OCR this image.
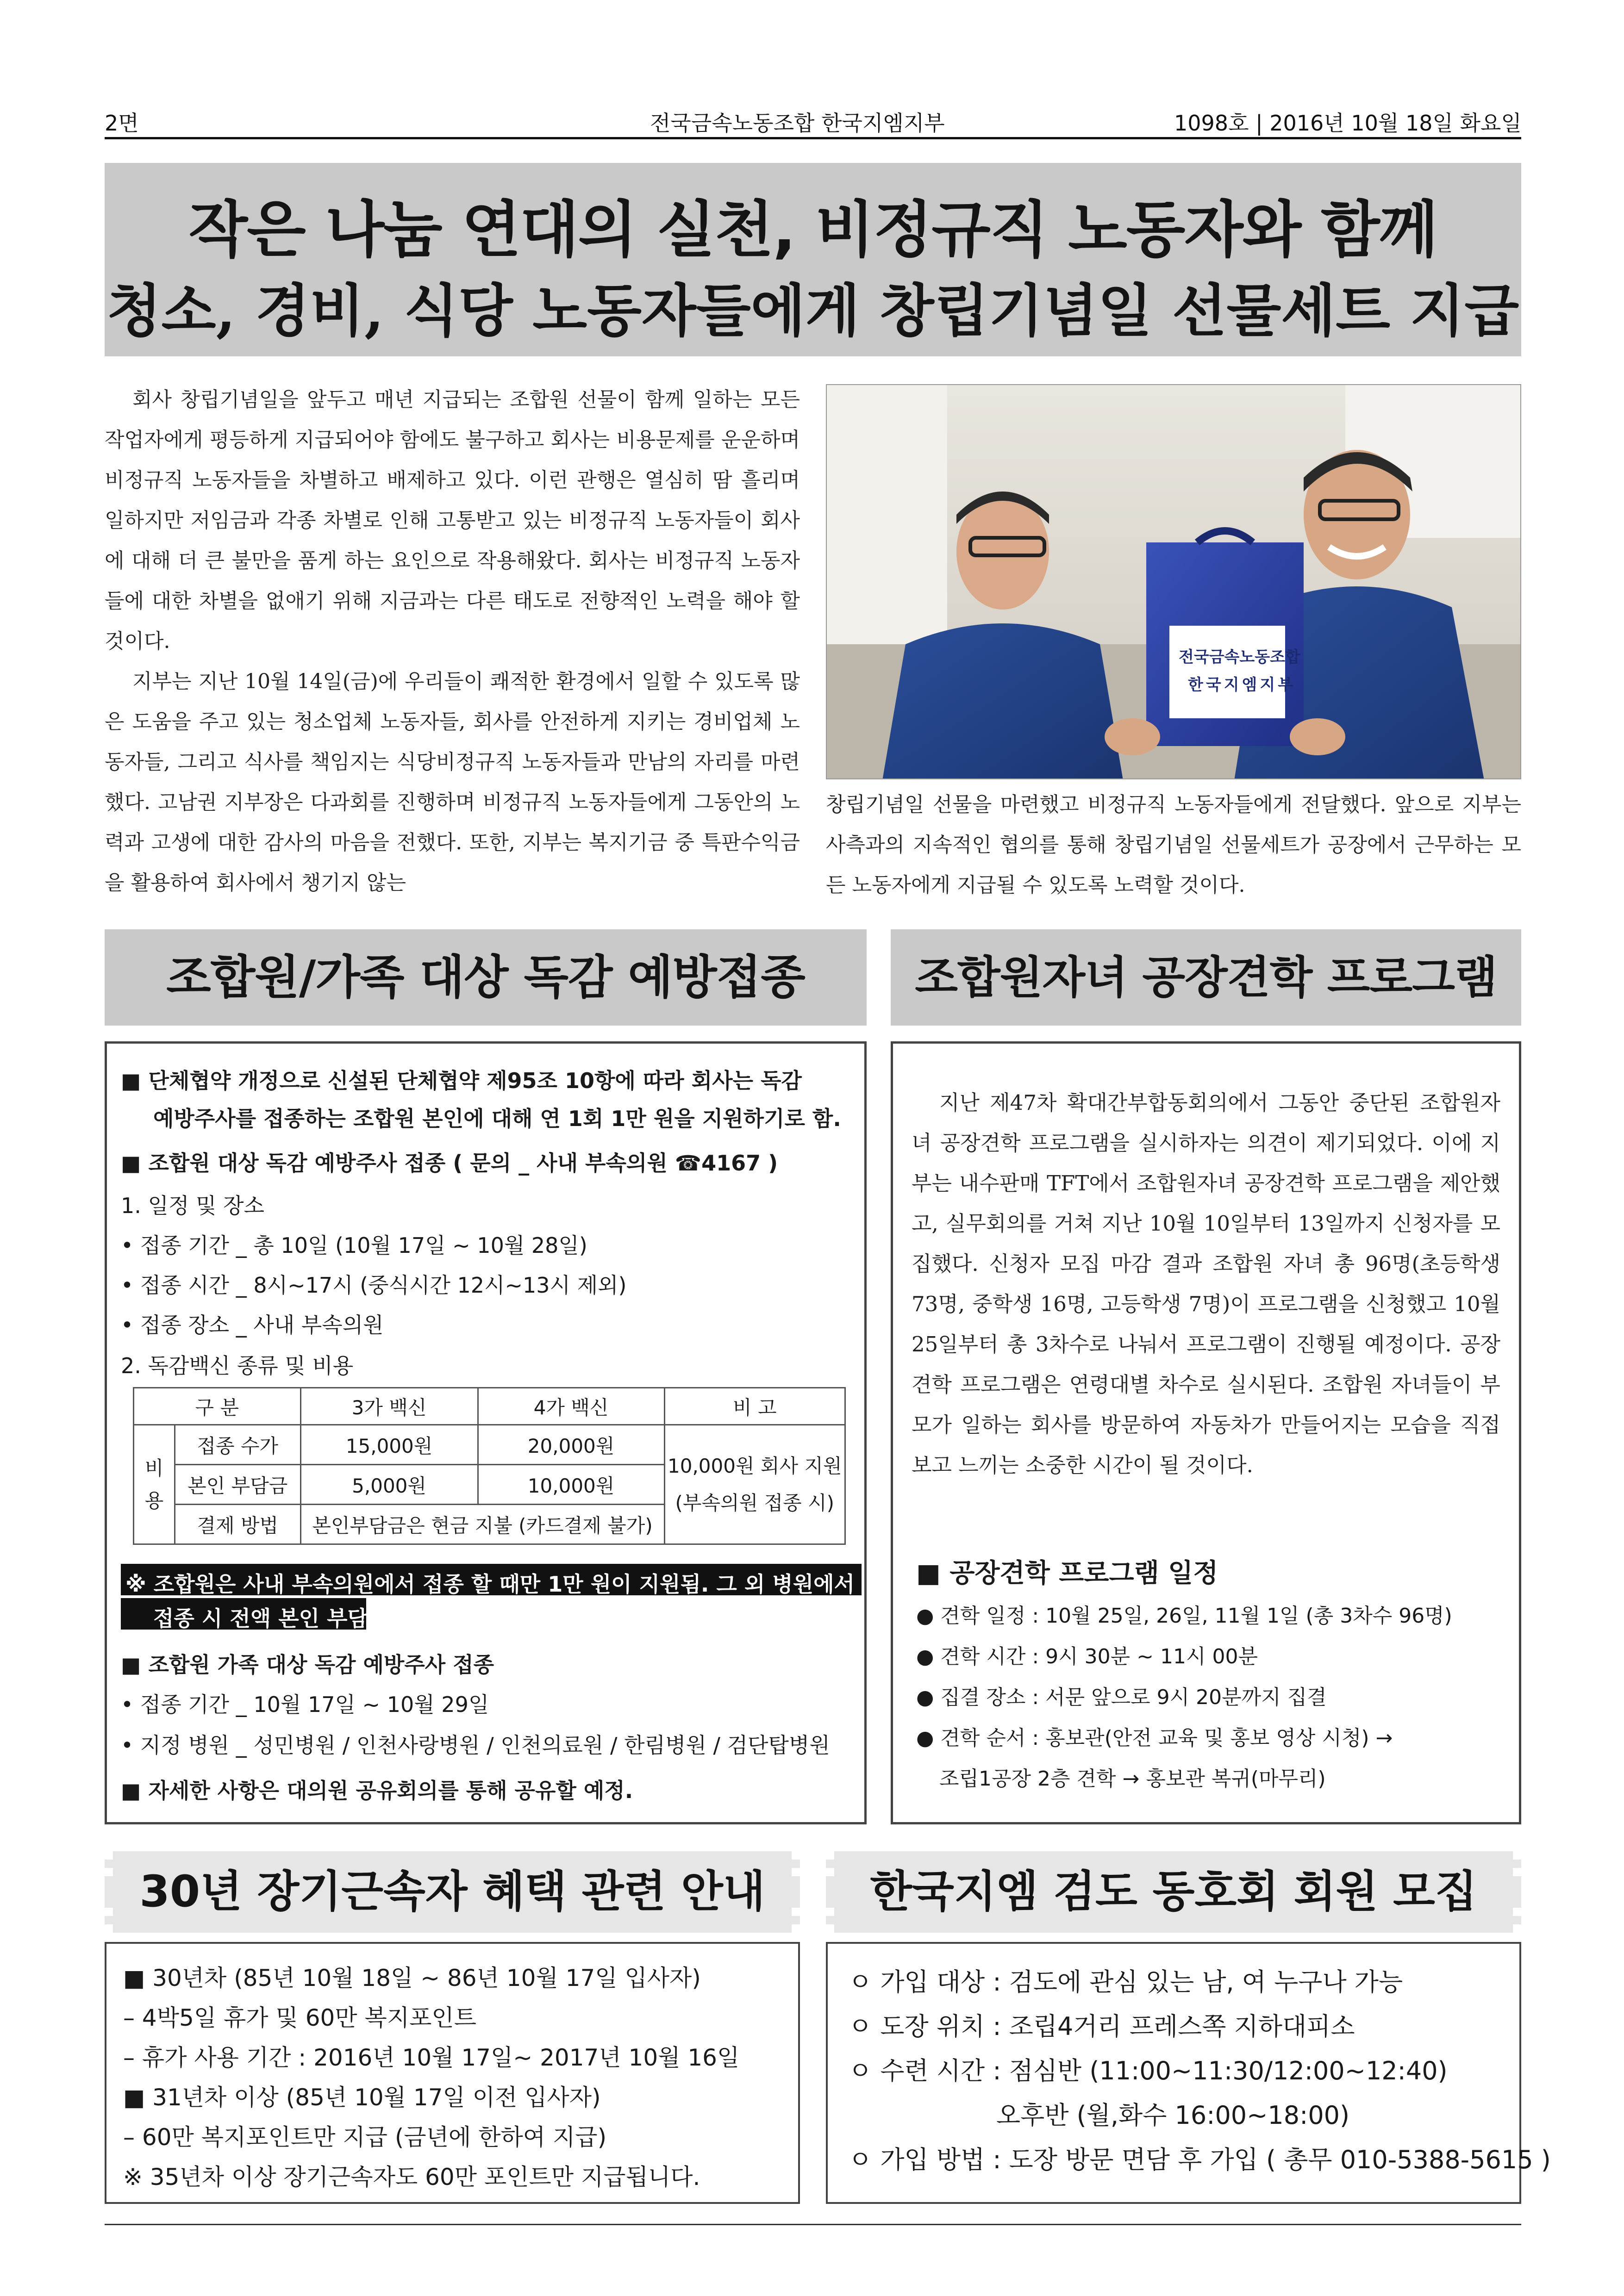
2면	전국금속노동조합 한국지엠지부	1098호 | 2016년 10월 18일 화요일
작은 나눔 연대의 실천, 비정규직 노동자와 함께
청소, 경비, 식당 노동자들에게 창립기념일 선물세트 지급

회사 창립기념일을 앞두고 매년 지급되는 조합원 선물이 함께 일하는 모든 작업자에게 평등하게 지급되어야 함에도 불구하고 회사는 비용문제를 운운하며 비정규직 노동자들을 차별하고 배제하고 있다. 이런 관행은 열심히 땀 흘리며 일하지만 저임금과 각종 차별로 인해 고통받고 있는 비정규직 노동자들이 회사에 대해 더 큰 불만을 품게 하는 요인으로 작용해왔다. 회사는 비정규직 노동자들에 대한 차별을 없애기 위해 지금과는 다른 태도로 전향적인 노력을 해야 할 것이다.

지부는 지난 10월 14일(금)에 우리들이 쾌적한 환경에서 일할 수 있도록 많은 도움을 주고 있는 청소업체 노동자들, 회사를 안전하게 지키는 경비업체 노동자들, 그리고 식사를 책임지는 식당비정규직 노동자들과 만남의 자리를 마련했다. 고남권 지부장은 다과회를 진행하며 비정규직 노동자들에게 그동안의 노력과 고생에 대한 감사의 마음을 전했다. 또한, 지부는 복지기금 중 특판수익금을 활용하여 회사에서 챙기지 않는

전국금속노동조합
한국지엠지부

창립기념일 선물을 마련했고 비정규직 노동자들에게 전달했다. 앞으로 지부는 사측과의 지속적인 협의를 통해 창립기념일 선물세트가 공장에서 근무하는 모든 노동자에게 지급될 수 있도록 노력할 것이다.

조합원/가족 대상 독감 예방접종
■ 단체협약 개정으로 신설된 단체협약 제95조 10항에 따라 회사는 독감
예방주사를 접종하는 조합원 본인에 대해 연 1회 1만 원을 지원하기로 함.
■ 조합원 대상 독감 예방주사 접종 ( 문의 _ 사내 부속의원 ☎4167 )
1. 일정 및 장소
• 접종 기간 _ 총 10일 (10월 17일 ~ 10월 28일)
• 접종 시간 _ 8시~17시 (중식시간 12시~13시 제외)
• 접종 장소 _ 사내 부속의원
2. 독감백신 종류 및 비용
구 분		3가 백신	4가 백신	비 고
비용	접종 수가	15,000원	20,000원	10,000원 회사 지원
(부속의원 접종 시)

	본인 부담금	5,000원	10,000원	
	결제 방법	본인부담금은 현금 지불 (카드결제 불가)		
※ 조합원은 사내 부속의원에서 접종 할 때만 1만 원이 지원됨. 그 외 병원에서
접종 시 전액 본인 부담.
■ 조합원 가족 대상 독감 예방주사 접종
• 접종 기간 _ 10월 17일 ~ 10월 29일
• 지정 병원 _ 성민병원 / 인천사랑병원 / 인천의료원 / 한림병원 / 검단탑병원
■ 자세한 사항은 대의원 공유회의를 통해 공유할 예정.
조합원자녀 공장견학 프로그램

지난 제47차 확대간부합동회의에서 그동안 중단된 조합원자녀 공장견학 프로그램을 실시하자는 의견이 제기되었다. 이에 지부는 내수판매 TFT에서 조합원자녀 공장견학 프로그램을 제안했고, 실무회의를 거쳐 지난 10월 10일부터 13일까지 신청자를 모집했다. 신청자 모집 마감 결과 조합원 자녀 총 96명(초등학생 73명, 중학생 16명, 고등학생 7명)이 프로그램을 신청했고 10월 25일부터 총 3차수로 나눠서 프로그램이 진행될 예정이다. 공장견학 프로그램은 연령대별 차수로 실시된다. 조합원 자녀들이 부모가 일하는 회사를 방문하여 자동차가 만들어지는 모습을 직접 보고 느끼는 소중한 시간이 될 것이다.

■ 공장견학 프로그램 일정
● 견학 일정 : 10월 25일, 26일, 11월 1일 (총 3차수 96명)
● 견학 시간 : 9시 30분 ~ 11시 00분
● 집결 장소 : 서문 앞으로 9시 20분까지 집결
● 견학 순서 : 홍보관(안전 교육 및 홍보 영상 시청) →
조립1공장 2층 견학 → 홍보관 복귀(마무리)
30년 장기근속자 혜택 관련 안내
■ 30년차 (85년 10월 18일 ~ 86년 10월 17일 입사자)
– 4박5일 휴가 및 60만 복지포인트
– 휴가 사용 기간 : 2016년 10월 17일~ 2017년 10월 16일
■ 31년차 이상 (85년 10월 17일 이전 입사자)
– 60만 복지포인트만 지급 (금년에 한하여 지급)
※ 35년차 이상 장기근속자도 60만 포인트만 지급됩니다.
한국지엠 검도 동호회 회원 모집
ㅇ 가입 대상 : 검도에 관심 있는 남, 여 누구나 가능
ㅇ 도장 위치 : 조립4거리 프레스쪽 지하대피소
ㅇ 수련 시간 : 점심반 (11:00~11:30/12:00~12:40)
오후반 (월,화수 16:00~18:00)
ㅇ 가입 방법 : 도장 방문 면담 후 가입 ( 총무 010-5388-5615 )
